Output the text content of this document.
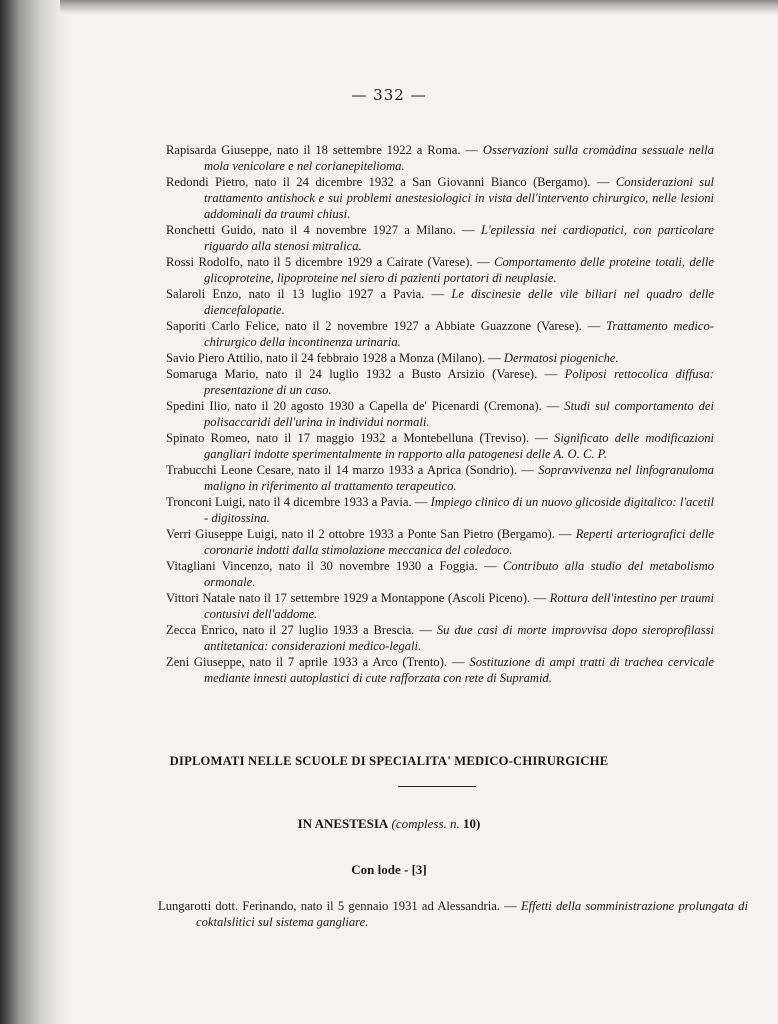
— 332 —

Rapisarda Giuseppe, nato il 18 settembre 1922 a Roma. — Osservazioni sulla cromàdina sessuale nella mola venicolare e nel corianepitelioma.

Redondi Pietro, nato il 24 dicembre 1932 a San Giovanni Bianco (Bergamo). — Considerazioni sul trattamento antishock e sui problemi anestesiologici in vista dell'intervento chirurgico, nelle lesioni addominali da traumi chiusi.

Ronchetti Guido, nato il 4 novembre 1927 a Milano. — L'epilessia nei cardiopatici, con particolare riguardo alla stenosi mitralica.

Rossi Rodolfo, nato il 5 dicembre 1929 a Cairate (Varese). — Comportamento delle proteine totali, delle glicoproteine, lipoproteine nel siero di pazienti portatori di neuplasie.

Salaroli Enzo, nato il 13 luglio 1927 a Pavia. — Le discinesie delle vile biliari nel quadro delle diencefalopatie.

Saporiti Carlo Felice, nato il 2 novembre 1927 a Abbiate Guazzone (Varese). — Trattamento medico-chirurgico della incontinenza urinaria.

Savio Piero Attilio, nato il 24 febbraio 1928 a Monza (Milano). — Dermatosi piogeniche.

Somaruga Mario, nato il 24 luglio 1932 a Busto Arsizio (Varese). — Poliposi rettocolica diffusa: presentazione di un caso.

Spedini Ilio, nato il 20 agosto 1930 a Capella de' Picenardi (Cremona). — Studi sul comportamento dei polisaccaridi dell'urina in individui normali.

Spinato Romeo, nato il 17 maggio 1932 a Montebelluna (Treviso). — Significato delle modificazioni gangliari indotte sperimentalmente in rapporto alla patogenesi delle A. O. C. P.

Trabucchi Leone Cesare, nato il 14 marzo 1933 a Aprica (Sondrio). — Sopravvivenza nel linfogranuloma maligno in riferimento al trattamento terapeutico.

Tronconi Luigi, nato il 4 dicembre 1933 a Pavia. — Impiego clinico di un nuovo glicoside digitalico: l'acetil - digitossina.

Verri Giuseppe Luigi, nato il 2 ottobre 1933 a Ponte San Pietro (Bergamo). — Reperti arteriografici delle coronarie indotti dalla stimolazione meccanica del coledoco.

Vitagliani Vincenzo, nato il 30 novembre 1930 a Foggia. — Contributo alla studio del metabolismo ormonale.

Vittori Natale nato il 17 settembre 1929 a Montappone (Ascoli Piceno). — Rottura dell'intestino per traumi contusivi dell'addome.

Zecca Enrico, nato il 27 luglio 1933 a Brescia. — Su due casi di morte improvvisa dopo sieroprofilassi antitetanica: considerazioni medico-legali.

Zeni Giuseppe, nato il 7 aprile 1933 a Arco (Trento). — Sostituzione di ampi tratti di trachea cervicale mediante innesti autoplastici di cute rafforzata con rete di Supramid.

DIPLOMATI NELLE SCUOLE DI SPECIALITA' MEDICO-CHIRURGICHE
IN ANESTESIA (compless. n. 10)
Con lode - [3]

Lungarotti dott. Ferinando, nato il 5 gennaio 1931 ad Alessandria. — Effetti della somministrazione prolungata di coktalslitici sul sistema gangliare.
